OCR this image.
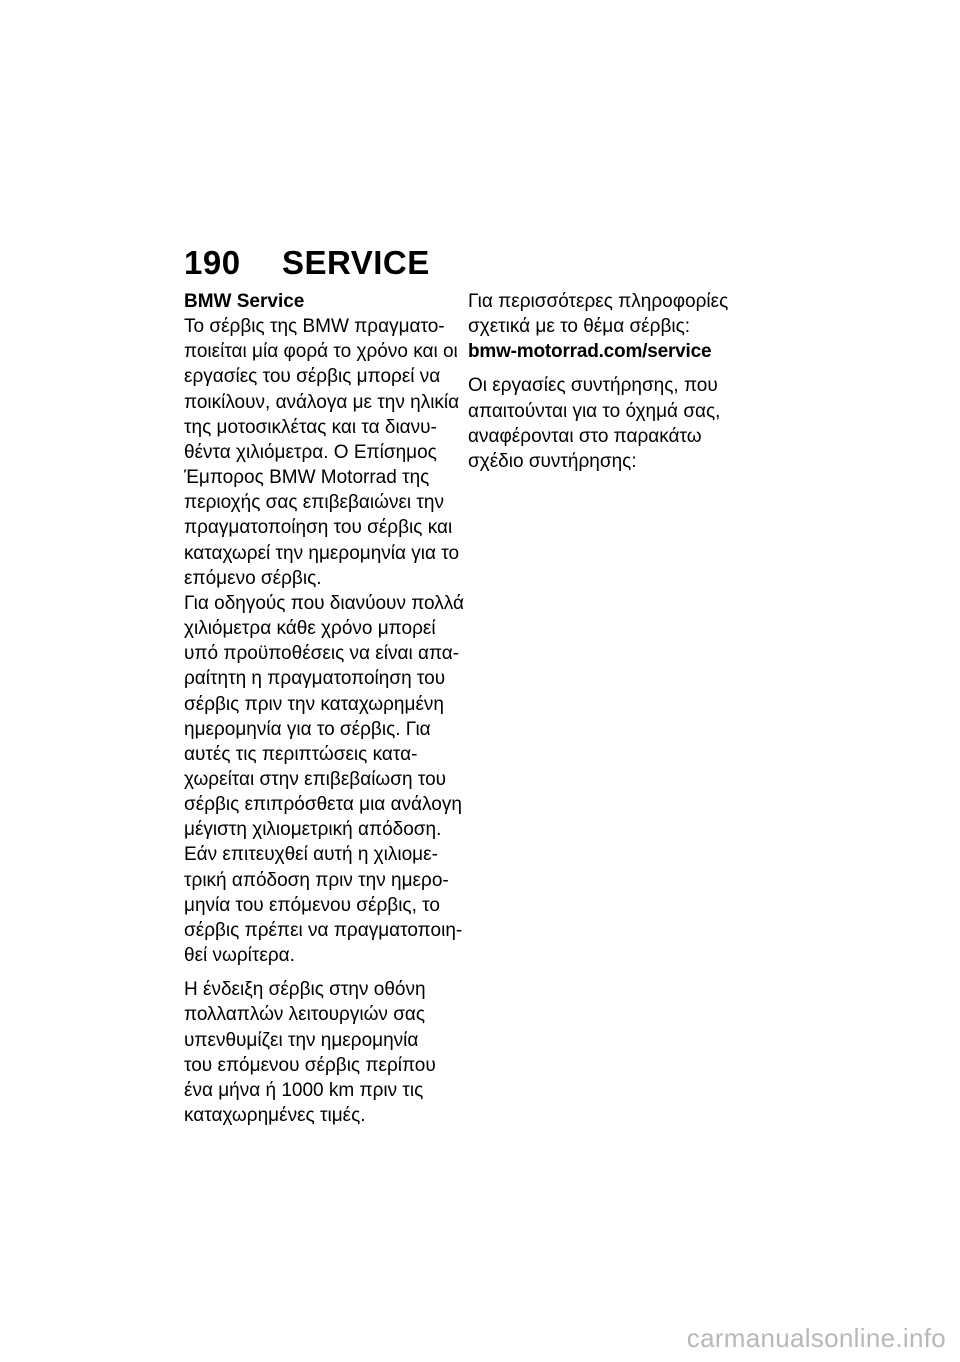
190	SERVICE
BMW Service

Το σέρβις της BMW πραγματο-
ποιείται μία φορά το χρόνο και οι
εργασίες του σέρβις μπορεί να
ποικίλουν, ανάλογα με την ηλικία
της μοτοσικλέτας και τα διανυ-
θέντα χιλιόμετρα. Ο Επίσημος
Έμπορος BMW Motorrad της
περιοχής σας επιβεβαιώνει την
πραγματοποίηση του σέρβις και
καταχωρεί την ημερομηνία για το
επόμενο σέρβις.

Για οδηγούς που διανύουν πολλά
χιλιόμετρα κάθε χρόνο μπορεί
υπό προϋποθέσεις να είναι απα-
ραίτητη η πραγματοποίηση του
σέρβις πριν την καταχωρημένη
ημερομηνία για το σέρβις. Για
αυτές τις περιπτώσεις κατα-
χωρείται στην επιβεβαίωση του
σέρβις επιπρόσθετα μια ανάλογη
μέγιστη χιλιομετρική απόδοση.
Εάν επιτευχθεί αυτή η χιλιομε-
τρική απόδοση πριν την ημερο-
μηνία του επόμενου σέρβις, το
σέρβις πρέπει να πραγματοποιη-
θεί νωρίτερα.

Η ένδειξη σέρβις στην οθόνη
πολλαπλών λειτουργιών σας
υπενθυμίζει την ημερομηνία
του επόμενου σέρβις περίπου
ένα μήνα ή 1000 km πριν τις
καταχωρημένες τιμές.

Για περισσότερες πληροφορίες
σχετικά με το θέμα σέρβις:

bmw-motorrad.com/service

Οι εργασίες συντήρησης, που
απαιτούνται για το όχημά σας,
αναφέρονται στο παρακάτω
σχέδιο συντήρησης:

carmanualsonline.info
